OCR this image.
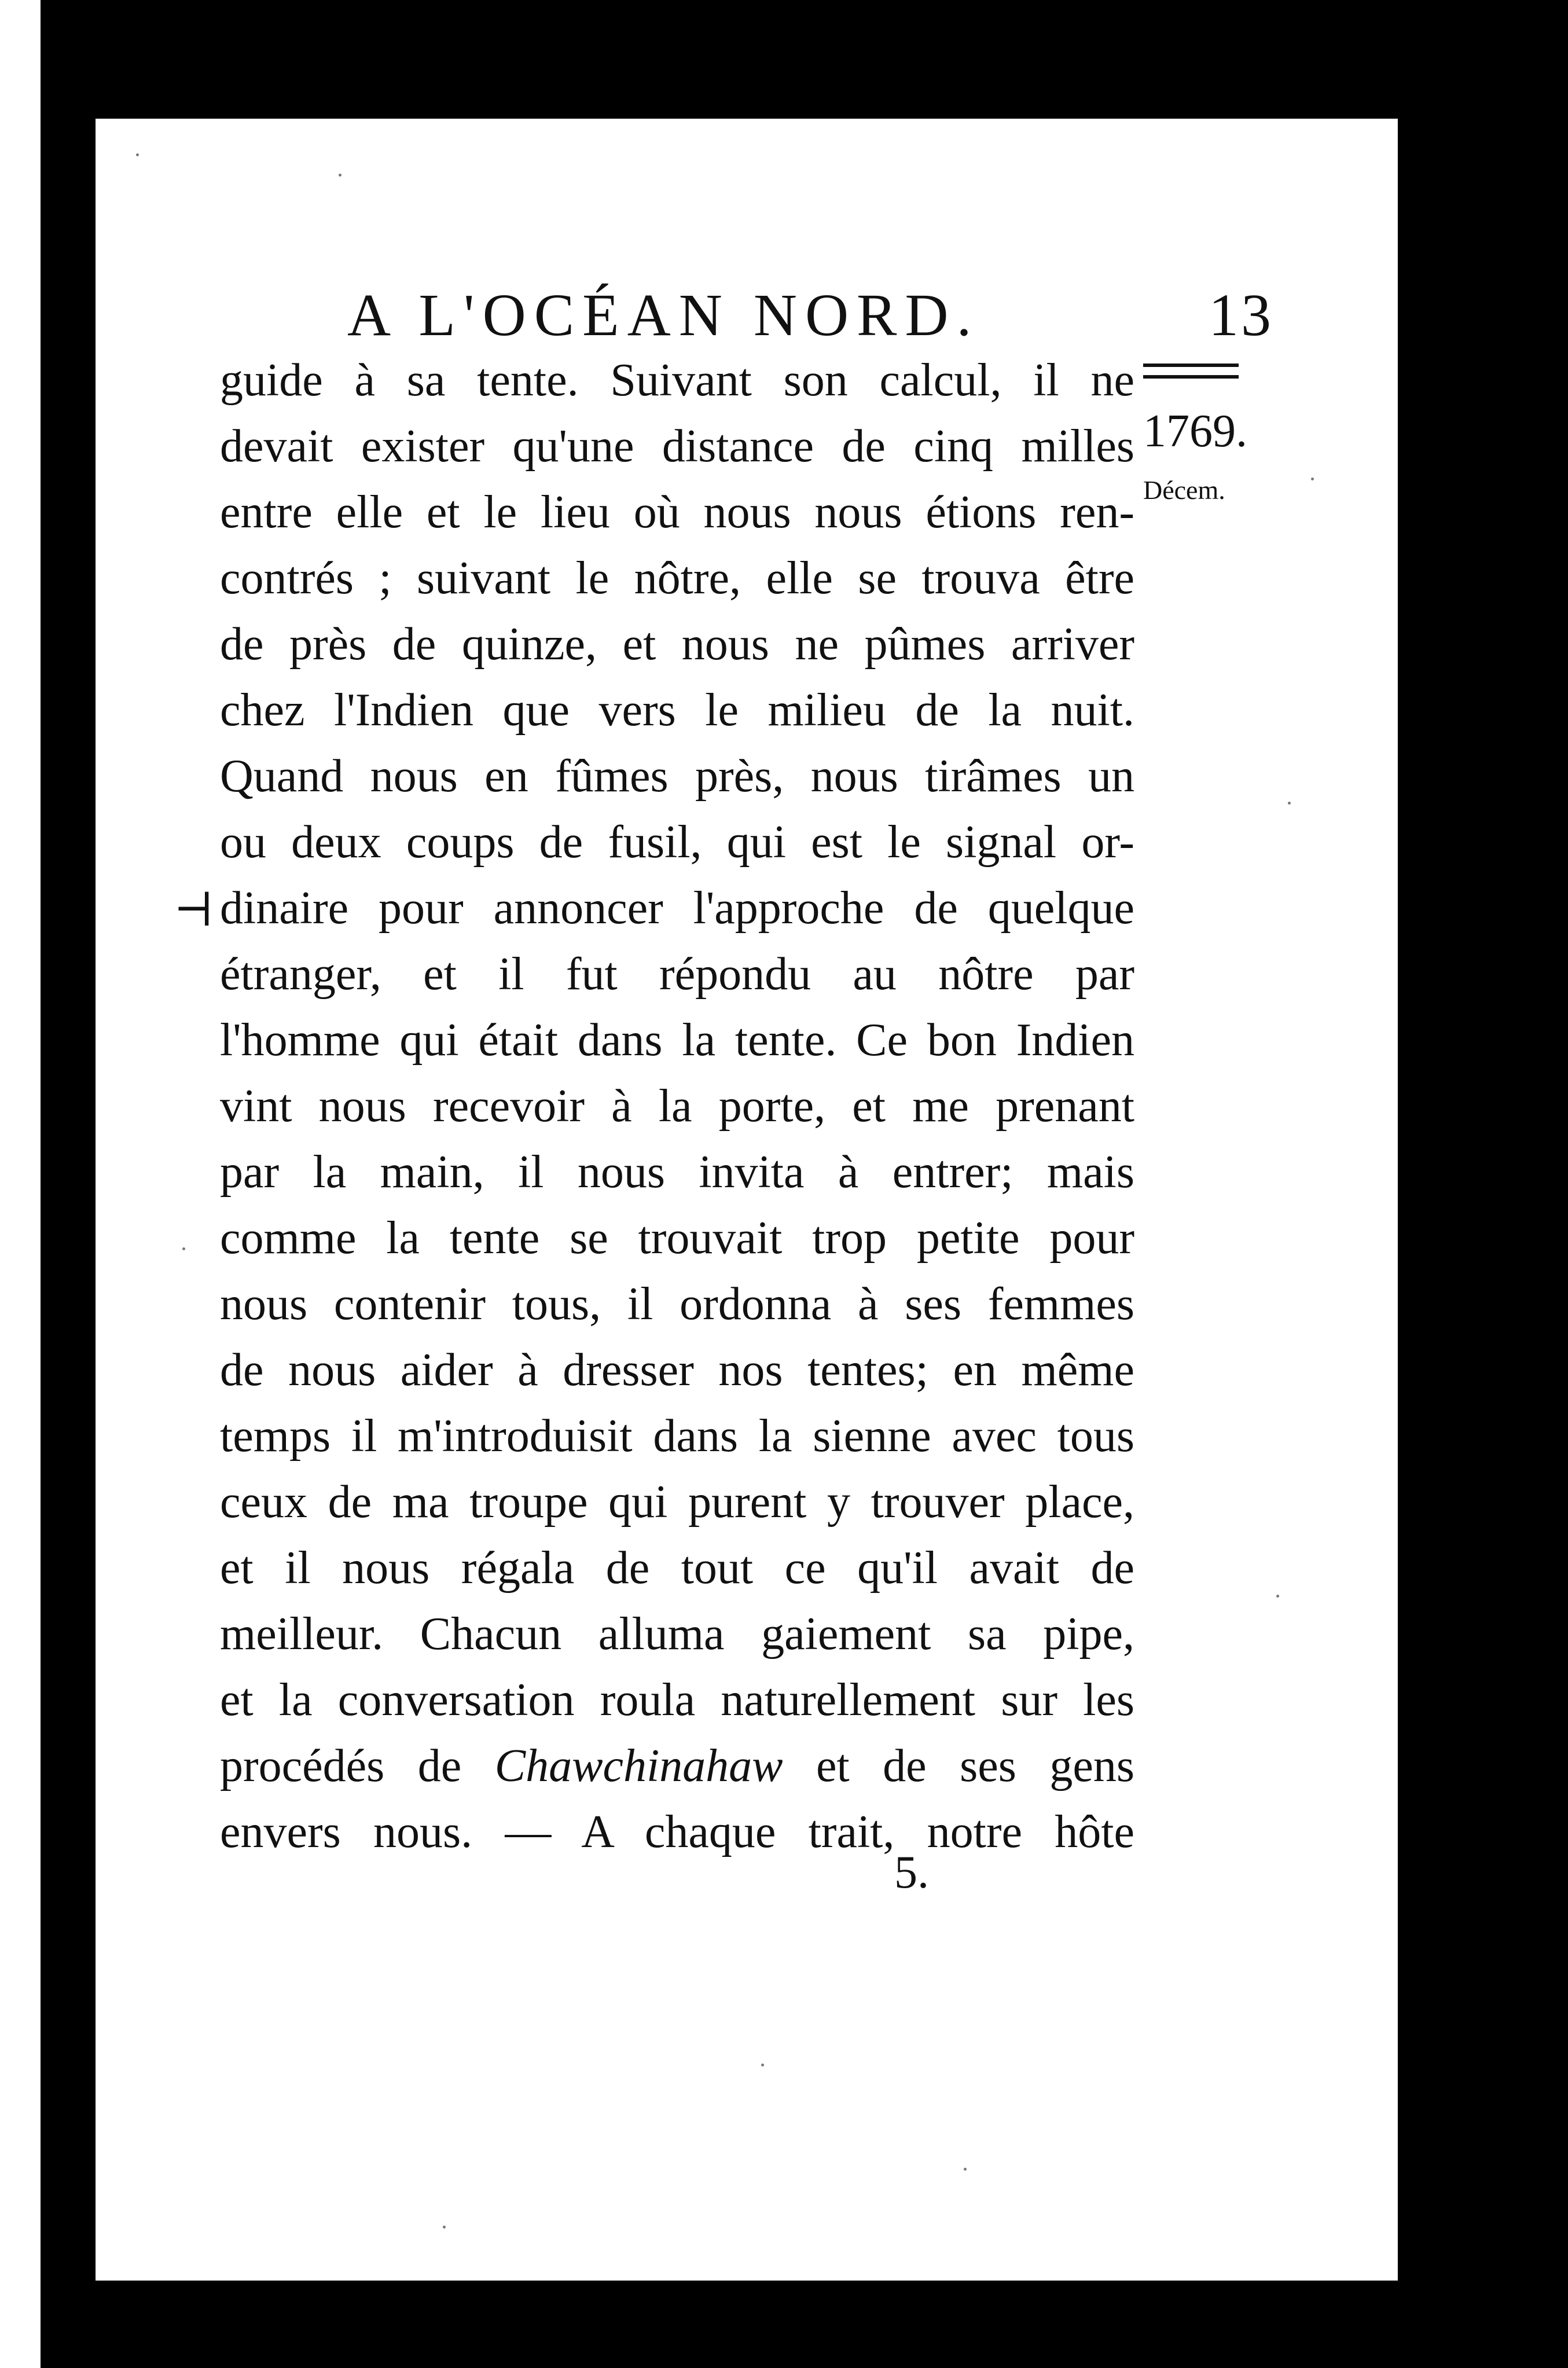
A L'OCÉAN NORD.	13
1769.
Décem.
⊣
guide à sa tente. Suivant son calcul, il ne
devait exister qu'une distance de cinq milles
entre elle et le lieu où nous nous étions ren-
contrés ; suivant le nôtre, elle se trouva être
de près de quinze, et nous ne pûmes arriver
chez l'Indien que vers le milieu de la nuit.
Quand nous en fûmes près, nous tirâmes un
ou deux coups de fusil, qui est le signal or-
dinaire pour annoncer l'approche de quelque
étranger, et il fut répondu au nôtre par
l'homme qui était dans la tente. Ce bon Indien
vint nous recevoir à la porte, et me prenant
par la main, il nous invita à entrer; mais
comme la tente se trouvait trop petite pour
nous contenir tous, il ordonna à ses femmes
de nous aider à dresser nos tentes; en même
temps il m'introduisit dans la sienne avec tous
ceux de ma troupe qui purent y trouver place,
et il nous régala de tout ce qu'il avait de
meilleur. Chacun alluma gaiement sa pipe,
et la conversation roula naturellement sur les
procédés de Chawchinahaw et de ses gens
envers nous. — A chaque trait, notre hôte
5.
